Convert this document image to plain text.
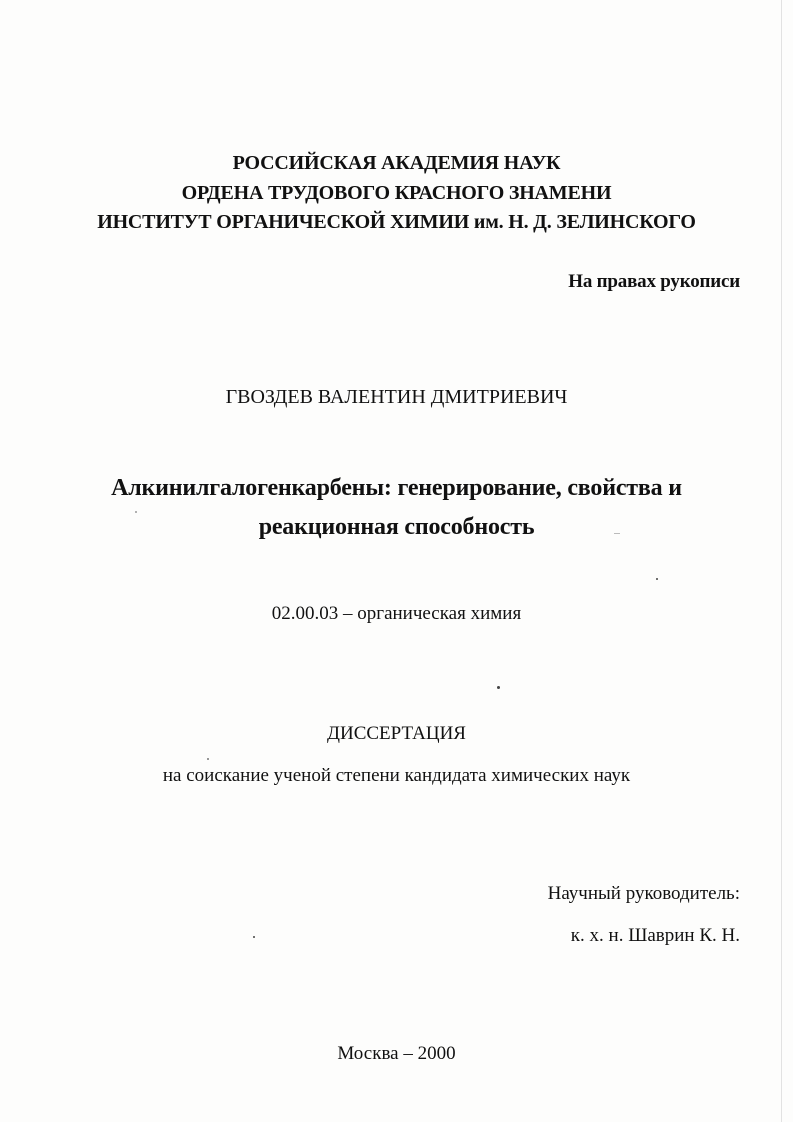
РОССИЙСКАЯ АКАДЕМИЯ НАУК
ОРДЕНА ТРУДОВОГО КРАСНОГО ЗНАМЕНИ
ИНСТИТУТ ОРГАНИЧЕСКОЙ ХИМИИ им. Н. Д. ЗЕЛИНСКОГО
На правах рукописи
ГВОЗДЕВ ВАЛЕНТИН ДМИТРИЕВИЧ
Алкинилгалогенкарбены: генерирование, свойства и
реакционная способность
02.00.03 – органическая химия
ДИССЕРТАЦИЯ
на соискание ученой степени кандидата химических наук
Научный руководитель:
к. х. н. Шаврин К. Н.
Москва – 2000
